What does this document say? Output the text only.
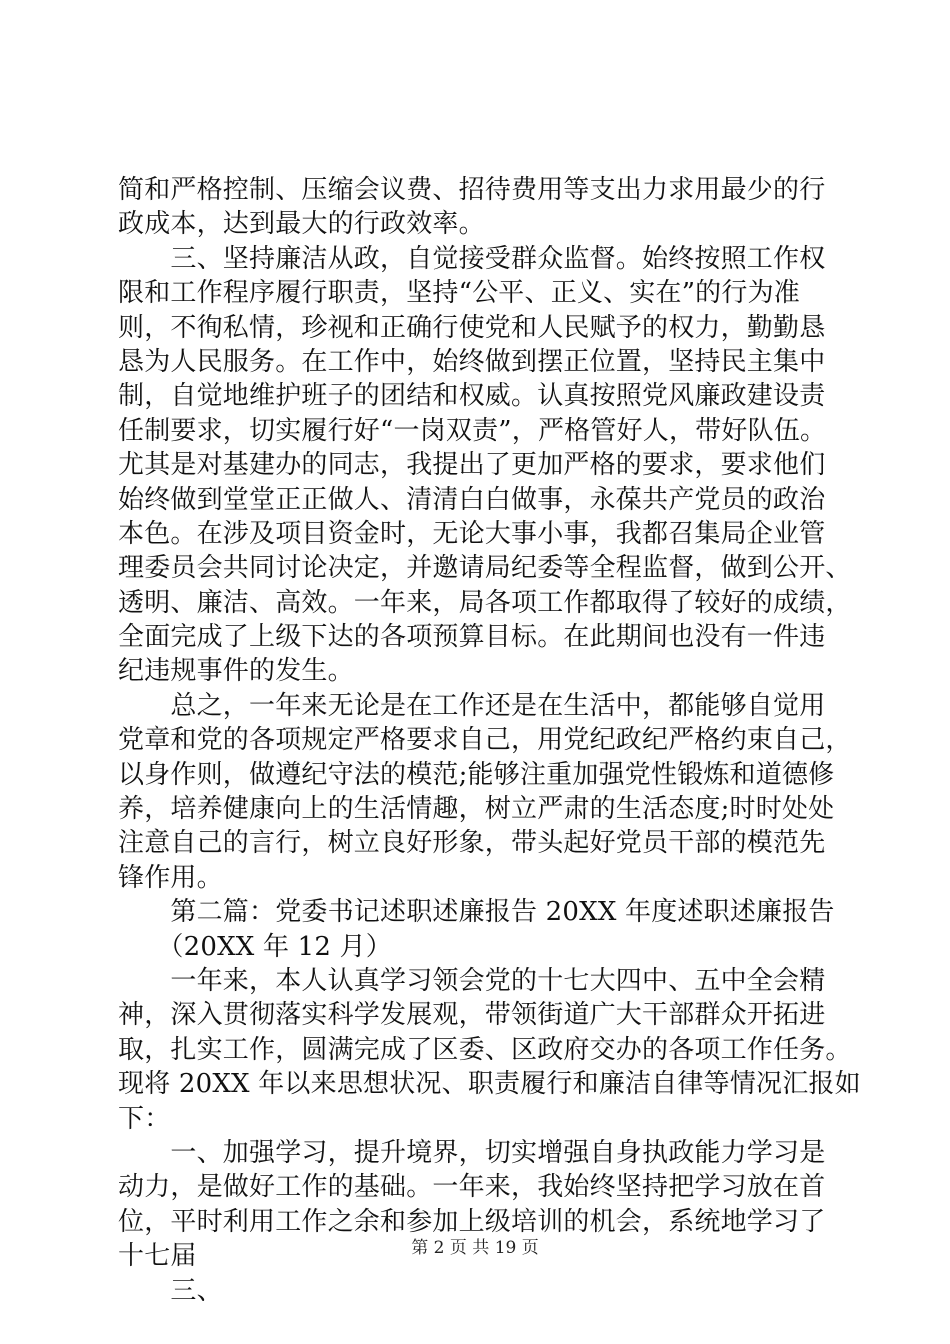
简和严格控制、压缩会议费、招待费用等支出力求用最少的行
政成本，达到最大的行政效率。
　　三、坚持廉洁从政，自觉接受群众监督。始终按照工作权
限和工作程序履行职责，坚持“公平、正义、实在”的行为准
则，不徇私情，珍视和正确行使党和人民赋予的权力，勤勤恳
恳为人民服务。在工作中，始终做到摆正位置，坚持民主集中
制，自觉地维护班子的团结和权威。认真按照党风廉政建设责
任制要求，切实履行好“一岗双责”，严格管好人，带好队伍。
尤其是对基建办的同志，我提出了更加严格的要求，要求他们
始终做到堂堂正正做人、清清白白做事，永葆共产党员的政治
本色。在涉及项目资金时，无论大事小事，我都召集局企业管
理委员会共同讨论决定，并邀请局纪委等全程监督，做到公开、
透明、廉洁、高效。一年来，局各项工作都取得了较好的成绩，
全面完成了上级下达的各项预算目标。在此期间也没有一件违
纪违规事件的发生。
　　总之，一年来无论是在工作还是在生活中，都能够自觉用
党章和党的各项规定严格要求自己，用党纪政纪严格约束自己，
以身作则，做遵纪守法的模范;能够注重加强党性锻炼和道德修
养，培养健康向上的生活情趣，树立严肃的生活态度;时时处处
注意自己的言行，树立良好形象，带头起好党员干部的模范先
锋作用。
　　第二篇：党委书记述职述廉报告 20XX 年度述职述廉报告
　　（20XX 年 12 月）
　　一年来，本人认真学习领会党的十七大四中、五中全会精
神，深入贯彻落实科学发展观，带领街道广大干部群众开拓进
取，扎实工作，圆满完成了区委、区政府交办的各项工作任务。
现将 20XX 年以来思想状况、职责履行和廉洁自律等情况汇报如
下：
　　一、加强学习，提升境界，切实增强自身执政能力学习是
动力，是做好工作的基础。一年来，我始终坚持把学习放在首
位，平时利用工作之余和参加上级培训的机会，系统地学习了
十七届
　　三、
第 2 页 共 19 页
